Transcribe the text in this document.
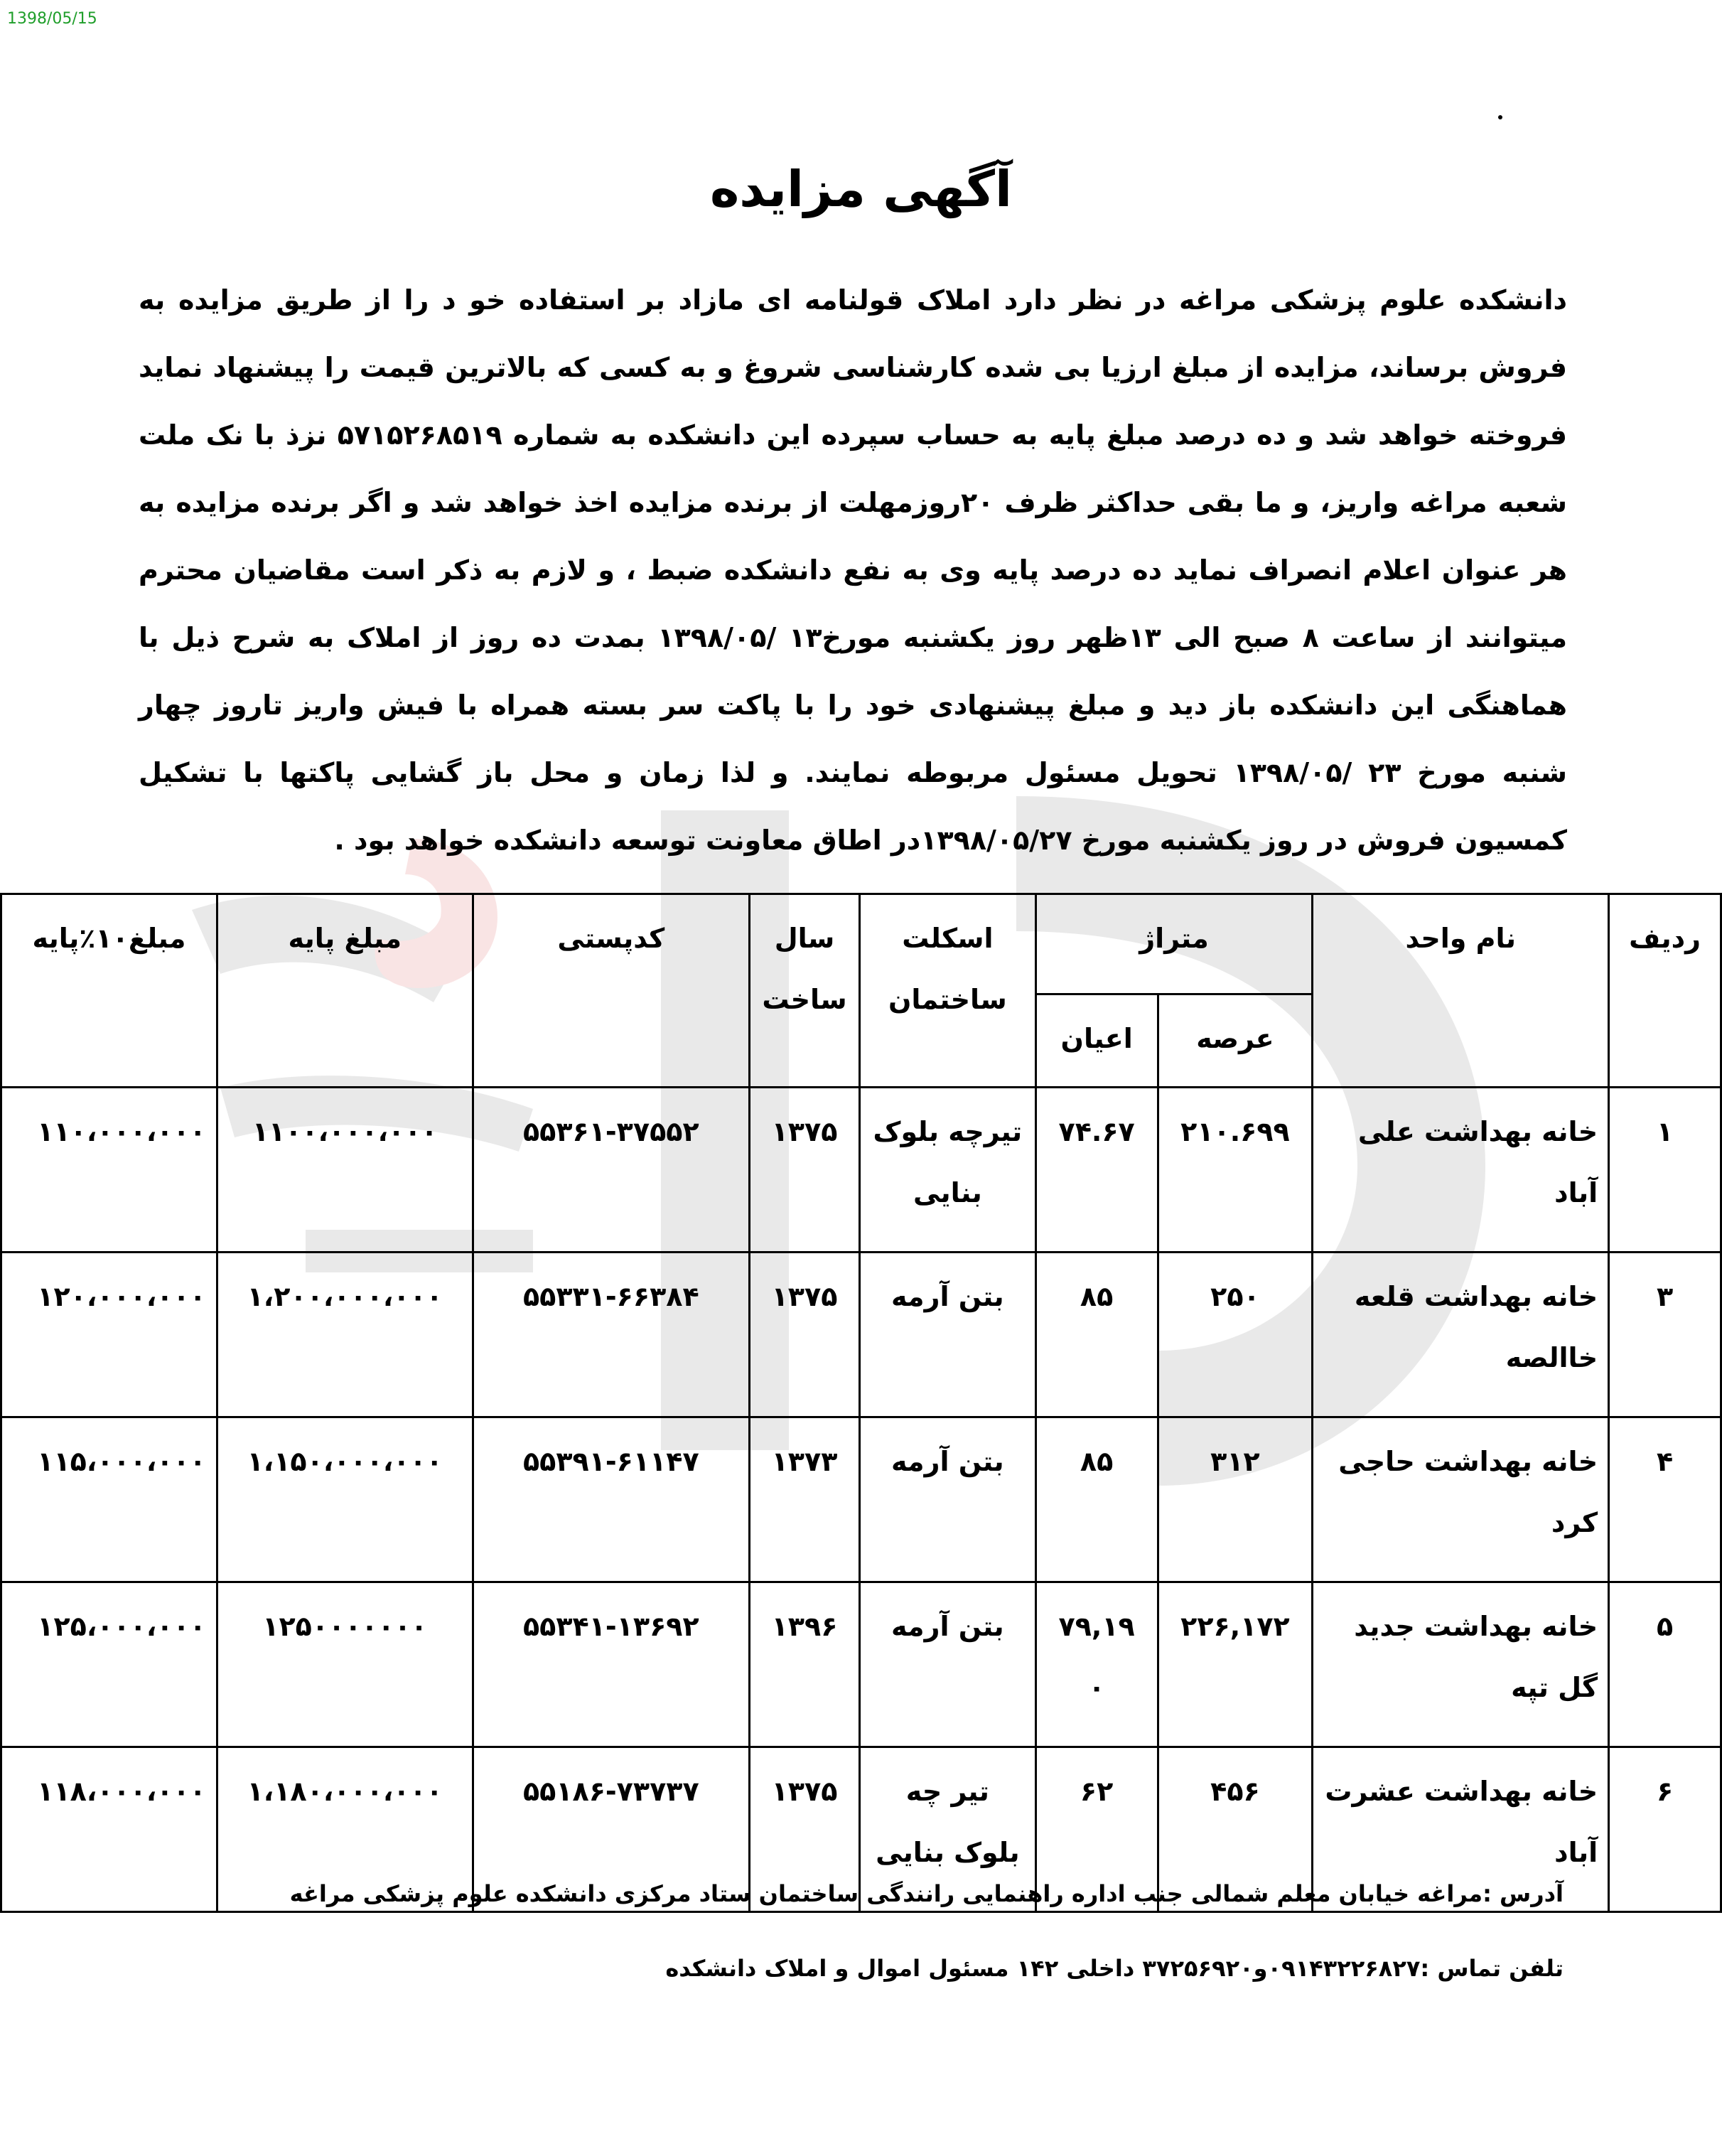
1398/05/15
آگهی مزایده
دانشکده علوم پزشکی مراغه در نظر دارد املاک قولنامه ای مازاد بر استفاده خو د را از طریق مزایده به فروش برساند، مزایده از مبلغ ارزیا بی شده کارشناسی شروغ و به کسی که بالاترین قیمت را پیشنهاد نماید فروخته خواهد شد و ده درصد مبلغ پایه به حساب سپرده این دانشکده به شماره ۵۷۱۵۲۶۸۵۱۹ نزذ با نک ملت شعبه مراغه واریز، و ما بقی حداکثر ظرف ۲۰روزمهلت از برنده مزایده اخذ خواهد شد و اگر برنده مزایده به هر عنوان اعلام انصراف نماید ده درصد پایه وی به نفع دانشکده ضبط ، و لازم به ذکر است مقاضیان محترم میتوانند از ساعت ۸ صبح الی ۱۳ظهر روز یکشنبه مورخ۱۳ /۱۳۹۸/۰۵ بمدت ده روز از املاک به شرح ذیل با هماهنگی این دانشکده باز دید و مبلغ پیشنهادی خود را با پاکت سر بسته همراه با فیش واریز تاروز چهار شنبه مورخ ۲۳ /۱۳۹۸/۰۵ تحویل مسئول مربوطه نمایند. و لذا زمان و محل باز گشایی پاکتها با تشکیل کمسیون فروش در روز یکشنبه مورخ ۱۳۹۸/۰۵/۲۷در اطاق معاونت توسعه دانشکده خواهد بود .
ردیف	نام واحد	متراژ		اسکلت ساختمان	سال ساخت	کدپستی	مبلغ پایه	مبلغ۱۰٪پایه
		عرصه	اعیان					
۱	خانه بهداشت علی آباد	۲۱۰.۶۹۹	۷۴.۶۷	تیرچه بلوک بنایی	۱۳۷۵	۵۵۳۶۱-۳۷۵۵۲	۱۱۰۰،۰۰۰،۰۰۰	۱۱۰،۰۰۰،۰۰۰
۳	خانه بهداشت قلعه خاالصه	۲۵۰	۸۵	بتن آرمه	۱۳۷۵	۵۵۳۳۱-۶۶۳۸۴	۱،۲۰۰،۰۰۰،۰۰۰	۱۲۰،۰۰۰،۰۰۰
۴	خانه بهداشت حاجی کرد	۳۱۲	۸۵	بتن آرمه	۱۳۷۳	۵۵۳۹۱-۶۱۱۴۷	۱،۱۵۰،۰۰۰،۰۰۰	۱۱۵،۰۰۰،۰۰۰
۵	خانه بهداشت جدید گل تپه	۲۲۶,۱۷۲	۷۹,۱۹ ۰	بتن آرمه	۱۳۹۶	۵۵۳۴۱-۱۳۶۹۲	۱۲۵۰۰۰۰۰۰۰	۱۲۵،۰۰۰،۰۰۰
۶	خانه بهداشت عشرت آباد	۴۵۶	۶۲	تیر چه بلوک بنایی	۱۳۷۵	۵۵۱۸۶-۷۳۷۳۷	۱،۱۸۰،۰۰۰،۰۰۰	۱۱۸،۰۰۰،۰۰۰
آدرس :مراغه خیابان معلم شمالی جنب اداره راهنمایی رانندگی ساختمان ستاد مرکزی دانشکده علوم پزشکی مراغه
تلفن تماس :۰۹۱۴۳۲۲۶۸۲۷و۳۷۲۵۶۹۲۰ داخلی ۱۴۲ مسئول اموال و املاک دانشکده
